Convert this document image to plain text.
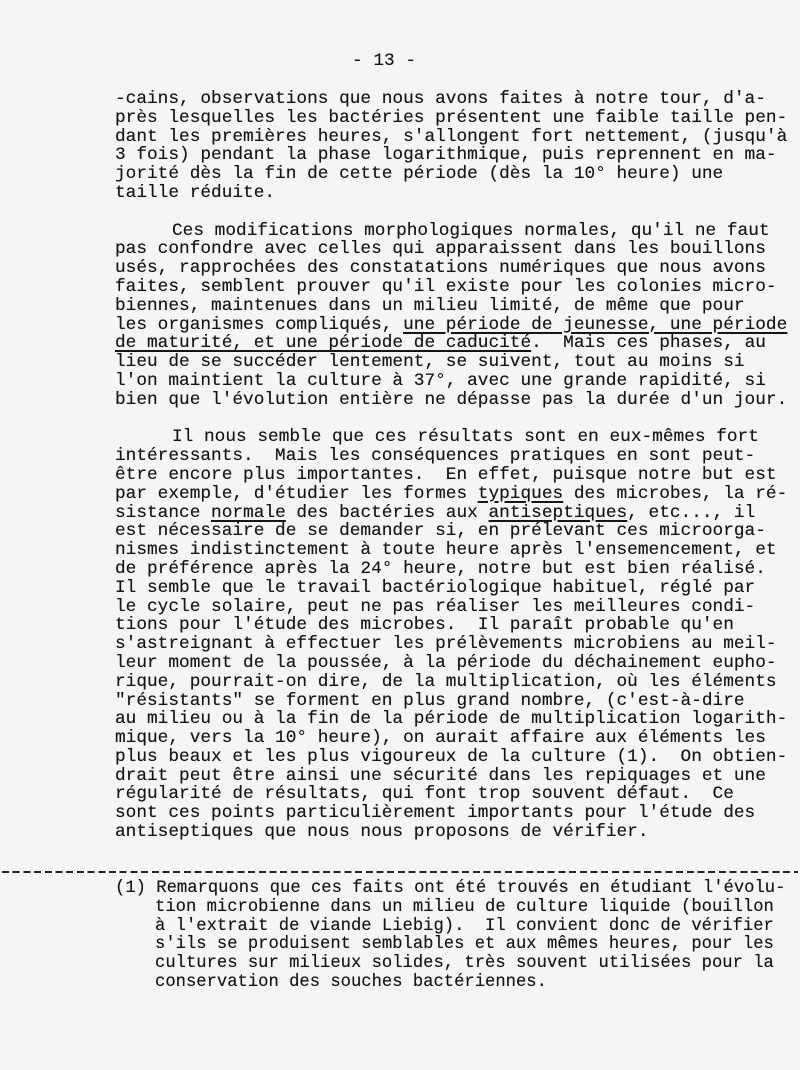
- 13 -
-cains, observations que nous avons faites à notre tour, d'a-
près lesquelles les bactéries présentent une faible taille pen-
dant les premières heures, s'allongent fort nettement, (jusqu'à
3 fois) pendant la phase logarithmique, puis reprennent en ma-
jorité dès la fin de cette période (dès la 10° heure) une
taille réduite.
Ces modifications morphologiques normales, qu'il ne faut
pas confondre avec celles qui apparaissent dans les bouillons
usés, rapprochées des constatations numériques que nous avons
faites, semblent prouver qu'il existe pour les colonies micro-
biennes, maintenues dans un milieu limité, de même que pour
les organismes compliqués, une période de jeunesse, une période
de maturité, et une période de caducité.  Mais ces phases, au
lieu de se succéder lentement, se suivent, tout au moins si
l'on maintient la culture à 37°, avec une grande rapidité, si
bien que l'évolution entière ne dépasse pas la durée d'un jour.
Il nous semble que ces résultats sont en eux-mêmes fort
intéressants.  Mais les conséquences pratiques en sont peut-
être encore plus importantes.  En effet, puisque notre but est
par exemple, d'étudier les formes typiques des microbes, la ré-
sistance normale des bactéries aux antiseptiques, etc..., il
est nécessaire de se demander si, en prélevant ces microorga-
nismes indistinctement à toute heure après l'ensemencement, et
de préférence après la 24° heure, notre but est bien réalisé.
Il semble que le travail bactériologique habituel, réglé par
le cycle solaire, peut ne pas réaliser les meilleures condi-
tions pour l'étude des microbes.  Il paraît probable qu'en
s'astreignant à effectuer les prélèvements microbiens au meil-
leur moment de la poussée, à la période du déchainement eupho-
rique, pourrait-on dire, de la multiplication, où les éléments
"résistants" se forment en plus grand nombre, (c'est-à-dire
au milieu ou à la fin de la période de multiplication logarith-
mique, vers la 10° heure), on aurait affaire aux éléments les
plus beaux et les plus vigoureux de la culture (1).  On obtien-
drait peut être ainsi une sécurité dans les repiquages et une
régularité de résultats, qui font trop souvent défaut.  Ce
sont ces points particulièrement importants pour l'étude des
antiseptiques que nous nous proposons de vérifier.
(1) Remarquons que ces faits ont été trouvés en étudiant l'évolu-
tion microbienne dans un milieu de culture liquide (bouillon
à l'extrait de viande Liebig).  Il convient donc de vérifier
s'ils se produisent semblables et aux mêmes heures, pour les
cultures sur milieux solides, très souvent utilisées pour la
conservation des souches bactériennes.
